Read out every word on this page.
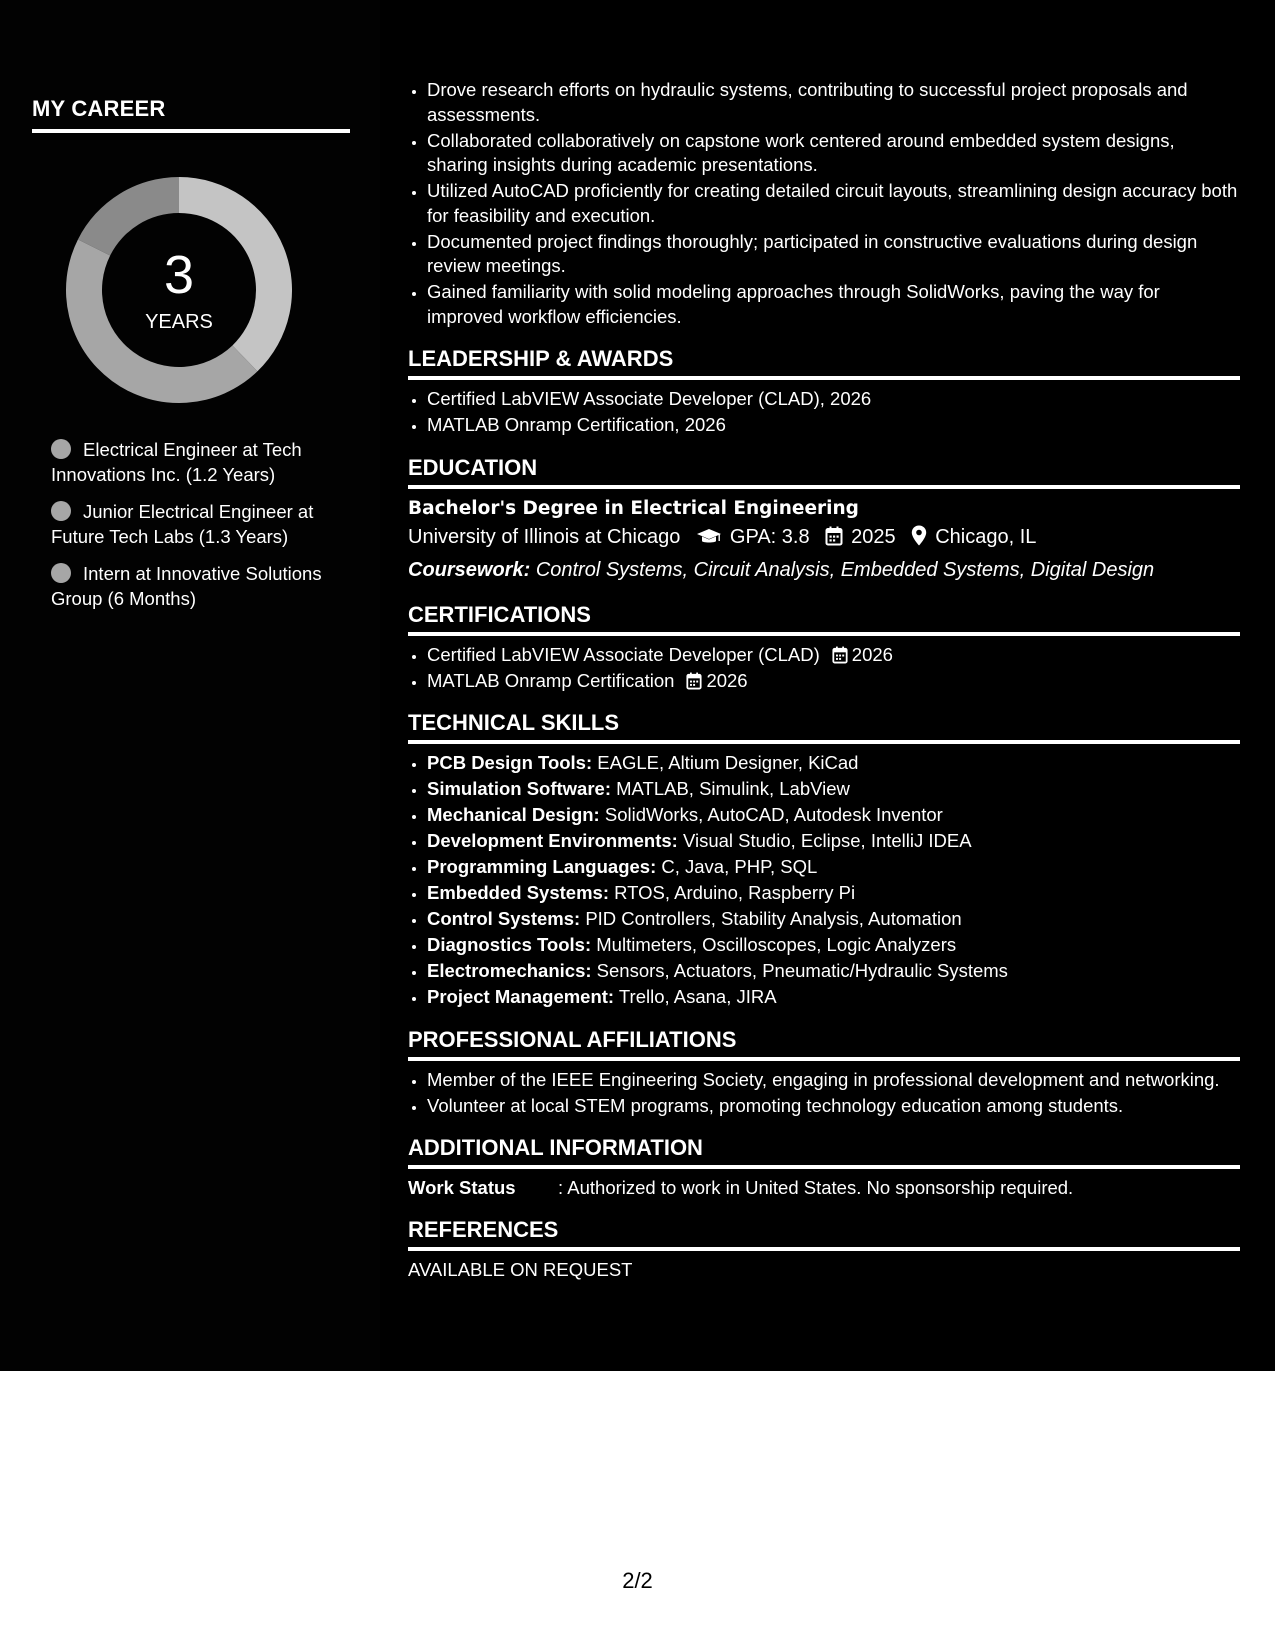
MY CAREER
3
YEARS
Electrical Engineer at Tech Innovations Inc. (1.2 Years)
Junior Electrical Engineer at Future Tech Labs (1.3 Years)
Intern at Innovative Solutions Group (6 Months)
• Drove research efforts on hydraulic systems, contributing to successful project proposals and assessments.
• Collaborated collaboratively on capstone work centered around embedded system designs, sharing insights during academic presentations.
• Utilized AutoCAD proficiently for creating detailed circuit layouts, streamlining design accuracy both for feasibility and execution.
• Documented project findings thoroughly; participated in constructive evaluations during design review meetings.
• Gained familiarity with solid modeling approaches through SolidWorks, paving the way for improved workflow efficiencies.
LEADERSHIP & AWARDS
• Certified LabVIEW Associate Developer (CLAD), 2026
• MATLAB Onramp Certification, 2026
EDUCATION
Bachelor's Degree in Electrical Engineering
University of Illinois at Chicago GPA: 3.8 2025 Chicago, IL
Coursework: Control Systems, Circuit Analysis, Embedded Systems, Digital Design
CERTIFICATIONS
• Certified LabVIEW Associate Developer (CLAD) 2026
• MATLAB Onramp Certification 2026
TECHNICAL SKILLS
• PCB Design Tools: EAGLE, Altium Designer, KiCad
• Simulation Software: MATLAB, Simulink, LabView
• Mechanical Design: SolidWorks, AutoCAD, Autodesk Inventor
• Development Environments: Visual Studio, Eclipse, IntelliJ IDEA
• Programming Languages: C, Java, PHP, SQL
• Embedded Systems: RTOS, Arduino, Raspberry Pi
• Control Systems: PID Controllers, Stability Analysis, Automation
• Diagnostics Tools: Multimeters, Oscilloscopes, Logic Analyzers
• Electromechanics: Sensors, Actuators, Pneumatic/Hydraulic Systems
• Project Management: Trello, Asana, JIRA
PROFESSIONAL AFFILIATIONS
• Member of the IEEE Engineering Society, engaging in professional development and networking.
• Volunteer at local STEM programs, promoting technology education among students.
ADDITIONAL INFORMATION
Work Status : Authorized to work in United States. No sponsorship required.
REFERENCES
AVAILABLE ON REQUEST
2/2
